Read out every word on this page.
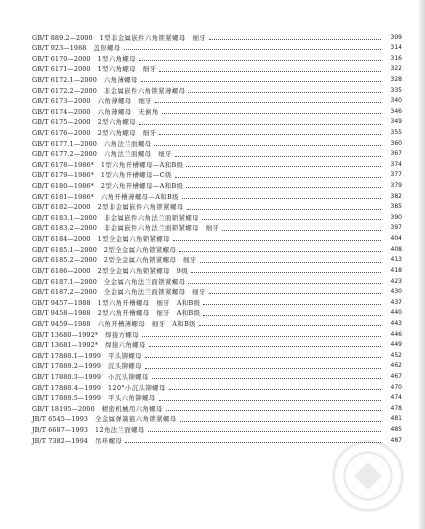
GB/T 889.2—2000 1型非金属嵌件六角锁紧螺母　细牙	309
GB/T 923—1988 盖形螺母	314
GB/T 6170—2000 1型六角螺母	316
GB/T 6171—2000 1型六角螺母　细牙	322
GB/T 6172.1—2000 六角薄螺母	328
GB/T 6172.2—2000 非金属嵌件六角锁紧薄螺母	335
GB/T 6173—2000 六角薄螺母　细牙	340
GB/T 6174—2000 六角薄螺母　无倒角	346
GB/T 6175—2000 2型六角螺母	349
GB/T 6176—2000 2型六角螺母　细牙	355
GB/T 6177.1—2000 六角法兰面螺母	360
GB/T 6177.2—2000 六角法兰面螺母　细牙	367
GB/T 6178—1986* 1型六角开槽螺母—A和B级	374
GB/T 6179—1986* 1型六角开槽螺母—C级	377
GB/T 6180—1986* 2型六角开槽螺母—A和B级	379
GB/T 6181—1986* 六角开槽薄螺母—A和B级	382
GB/T 6182—2000 2型非金属嵌件六角锁紧螺母	385
GB/T 6183.1—2000 非金属嵌件六角法兰面锁紧螺母	390
GB/T 6183.2—2000 非金属嵌件六角法兰面锁紧螺母　细牙	397
GB/T 6184—2000 1型全金属六角锁紧螺母	404
GB/T 6185.1—2000 2型全金属六角锁紧螺母	408
GB/T 6185.2—2000 2型全金属六角锁紧螺母　细牙	413
GB/T 6186—2000 2型全金属六角锁紧螺母　9级	418
GB/T 6187.1—2000 全金属六角法兰面锁紧螺母	423
GB/T 6187.2—2000 全金属六角法兰面锁紧螺母　细牙	430
GB/T 9457—1988 1型六角开槽螺母　细牙　A和B级	437
GB/T 9458—1988 2型六角开槽螺母　细牙　A和B级	440
GB/T 9459—1988 六角开槽薄螺母　细牙　A和B级	443
GB/T 13680—1992* 焊接方螺母	446
GB/T 13681—1992* 焊接六角螺母	449
GB/T 17880.1—1999 平头铆螺母	452
GB/T 17880.2—1999 沉头铆螺母	462
GB/T 17880.3—1999 小沉头铆螺母	467
GB/T 17880.4—1999 120°小沉头铆螺母	470
GB/T 17880.5—1999 平头六角铆螺母	474
GB/T 18195—2000 精密机械用六角螺母	478
JB/T 6545—1993 全金属弹簧箍六角锁紧螺母	481
JB/T 6687—1993 12角法兰面螺母	485
JB/T 7382—1994 吊环螺母	487
